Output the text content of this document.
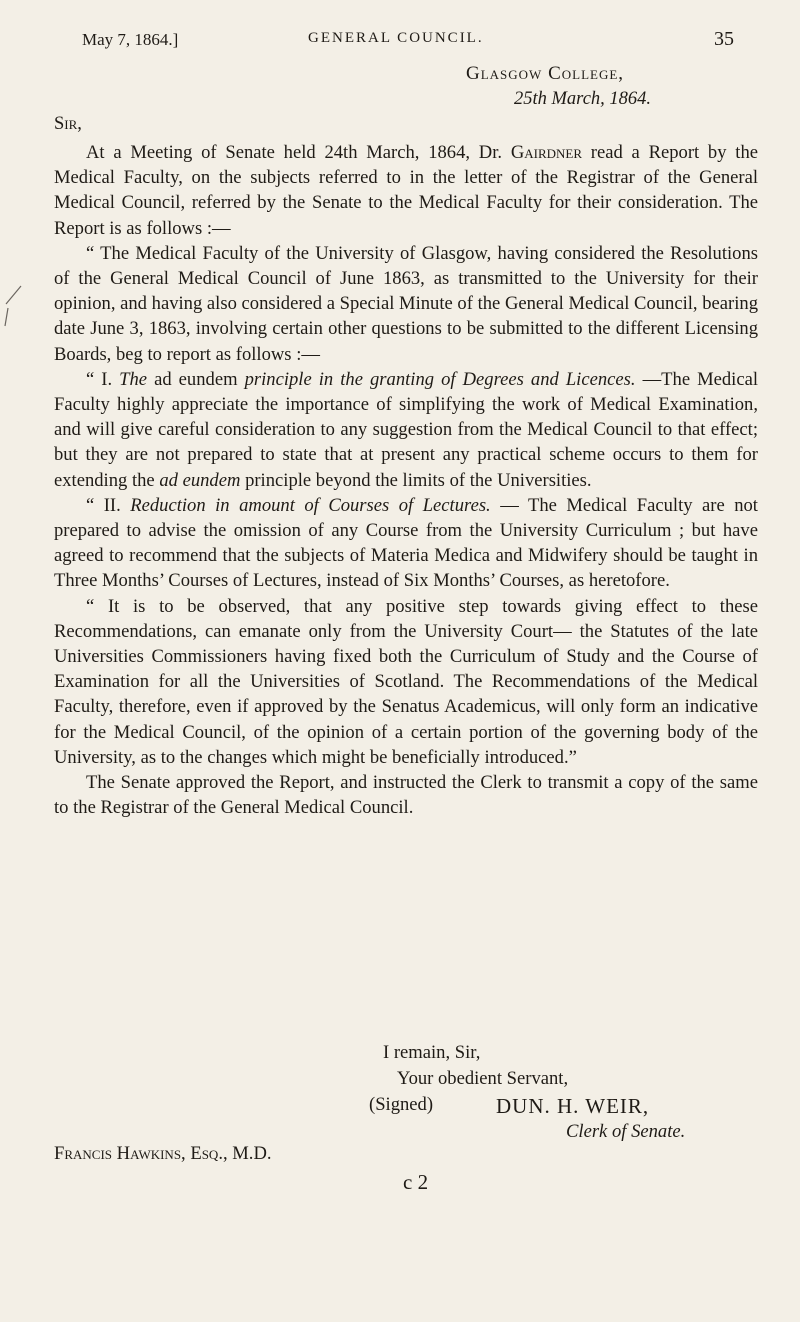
May 7, 1864.]	GENERAL COUNCIL.	35
Glasgow College,
25th March, 1864.
Sir,

At a Meeting of Senate held 24th March, 1864, Dr. Gairdner read a Report by the Medical Faculty, on the subjects referred to in the letter of the Registrar of the General Medical Council, referred by the Senate to the Medical Faculty for their consideration. The Report is as follows :—

“ The Medical Faculty of the University of Glasgow, having considered the Resolutions of the General Medical Council of June 1863, as transmitted to the University for their opinion, and having also considered a Special Minute of the General Medical Council, bearing date June 3, 1863, involving certain other questions to be submitted to the different Licensing Boards, beg to report as follows :—

“ I. The ad eundem principle in the granting of Degrees and Licences. —The Medical Faculty highly appreciate the importance of simplifying the work of Medical Examination, and will give careful consideration to any suggestion from the Medical Council to that effect; but they are not prepared to state that at present any practical scheme occurs to them for extending the ad eundem principle beyond the limits of the Universities.

“ II. Reduction in amount of Courses of Lectures. — The Medical Faculty are not prepared to advise the omission of any Course from the University Curriculum ; but have agreed to recommend that the subjects of Materia Medica and Midwifery should be taught in Three Months’ Courses of Lectures, instead of Six Months’ Courses, as heretofore.

“ It is to be observed, that any positive step towards giving effect to these Recommendations, can emanate only from the University Court— the Statutes of the late Universities Commissioners having fixed both the Curriculum of Study and the Course of Examination for all the Universities of Scotland. The Recommendations of the Medical Faculty, therefore, even if approved by the Senatus Academicus, will only form an indicative for the Medical Council, of the opinion of a certain portion of the governing body of the University, as to the changes which might be beneficially introduced.”

The Senate approved the Report, and instructed the Clerk to transmit a copy of the same to the Registrar of the General Medical Council.

I remain, Sir,
Your obedient Servant,
(Signed)	DUN. H. WEIR,
Clerk of Senate.
Francis Hawkins, Esq., M.D.
c 2
